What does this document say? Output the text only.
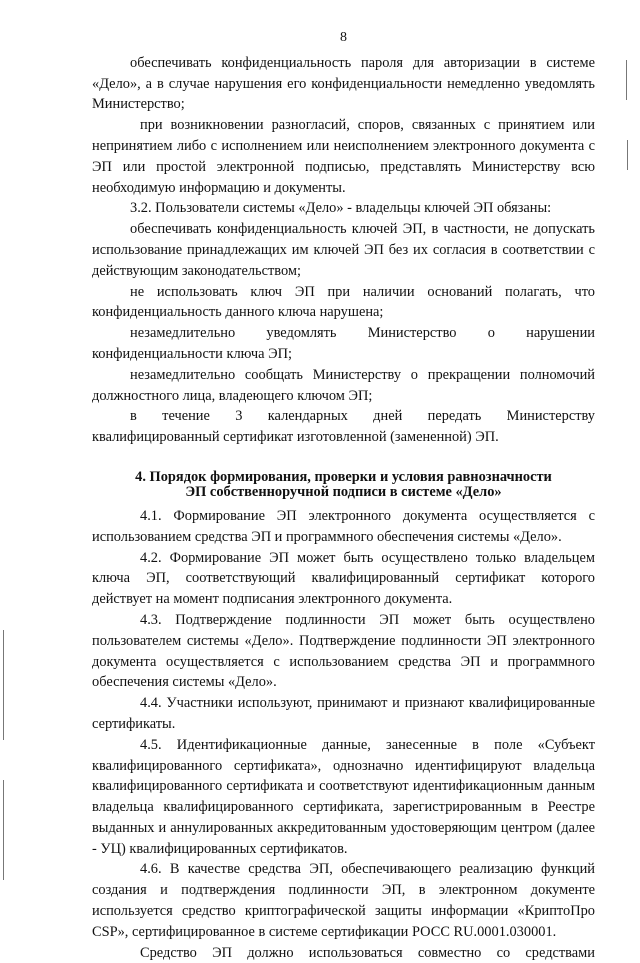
8

обеспечивать конфиденциальность пароля для авторизации в системе «Дело», а в случае нарушения его конфиденциальности немедленно уведомлять Министерство;

при возникновении разногласий, споров, связанных с принятием или непринятием либо с исполнением или неисполнением электронного документа с ЭП или простой электронной подписью, представлять Министерству всю необходимую информацию и документы.

3.2. Пользователи системы «Дело» - владельцы ключей ЭП обязаны:

обеспечивать конфиденциальность ключей ЭП, в частности, не допускать использование принадлежащих им ключей ЭП без их согласия в соответствии с действующим законодательством;

не использовать ключ ЭП при наличии оснований полагать, что конфиденциальность данного ключа нарушена;

незамедлительно уведомлять Министерство о нарушении конфиденциальности ключа ЭП;

незамедлительно сообщать Министерству о прекращении полномочий должностного лица, владеющего ключом ЭП;

в течение 3 календарных дней передать Министерству квалифицированный сертификат изготовленной (замененной) ЭП.

4. Порядок формирования, проверки и условия равнозначности
ЭП собственноручной подписи в системе «Дело»

4.1. Формирование ЭП электронного документа осуществляется с использованием средства ЭП и программного обеспечения системы «Дело».

4.2. Формирование ЭП может быть осуществлено только владельцем ключа ЭП, соответствующий квалифицированный сертификат которого действует на момент подписания электронного документа.

4.3. Подтверждение подлинности ЭП может быть осуществлено пользователем системы «Дело». Подтверждение подлинности ЭП электронного документа осуществляется с использованием средства ЭП и программного обеспечения системы «Дело».

4.4. Участники используют, принимают и признают квалифицированные сертификаты.

4.5. Идентификационные данные, занесенные в поле «Субъект квалифицированного сертификата», однозначно идентифицируют владельца квалифицированного сертификата и соответствуют идентификационным данным владельца квалифицированного сертификата, зарегистрированным в Реестре выданных и аннулированных аккредитованным удостоверяющим центром (далее - УЦ) квалифицированных сертификатов.

4.6. В качестве средства ЭП, обеспечивающего реализацию функций создания и подтверждения подлинности ЭП, в электронном документе используется средство криптографической защиты информации «КриптоПро CSP», сертифицированное в системе сертификации РОСС RU.0001.030001.

Средство ЭП должно использоваться совместно со средствами
